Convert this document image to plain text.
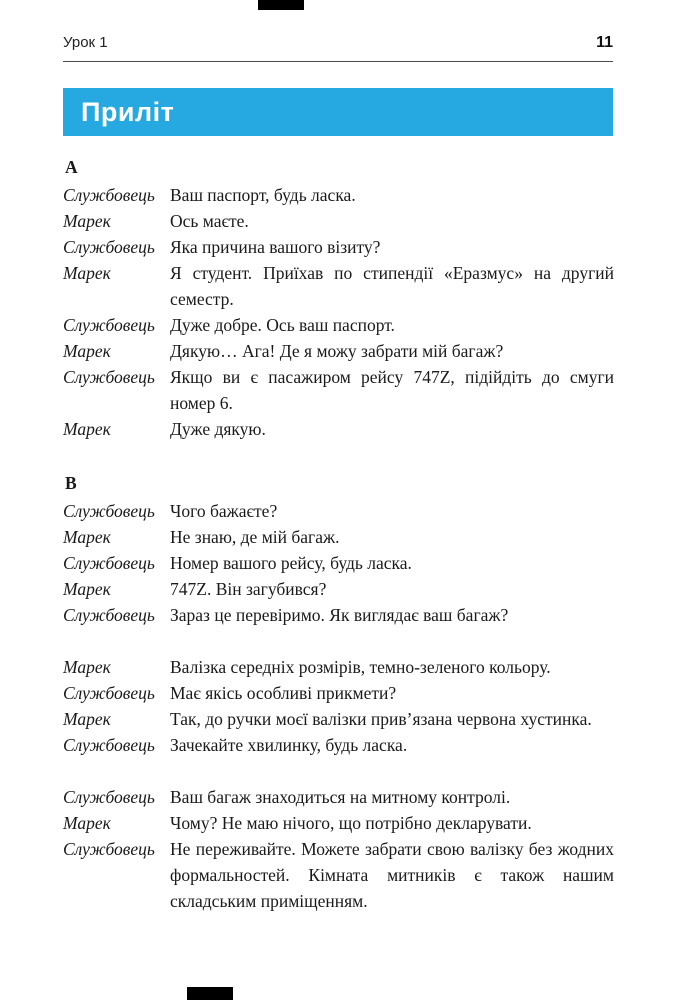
Урок 1	11
Приліт
А
Службовець Ваш паспорт, будь ласка.
Марек	Ось маєте.
Службовець Яка причина вашого візиту?
Марек	Я студент. Приїхав по стипендії «Еразмус» на другий семестр.
Службовець Дуже добре. Ось ваш паспорт.
Марек	Дякую… Ага! Де я можу забрати мій багаж?
Службовець Якщо ви є пасажиром рейсу 747Z, підійдіть до смуги номер 6.
Марек	Дуже дякую.
В
Службовець Чого бажаєте?
Марек	Не знаю, де мій багаж.
Службовець Номер вашого рейсу, будь ласка.
Марек	747Z. Він загубився?
Службовець Зараз це перевіримо. Як виглядає ваш багаж?
Марек	Валізка середніх розмірів, темно-зеленого кольору.
Службовець Має якісь особливі прикмети?
Марек	Так, до ручки моєї валізки прив’язана червона хустинка.
Службовець Зачекайте хвилинку, будь ласка.
Службовець Ваш багаж знаходиться на митному контролі.
Марек	Чому? Не маю нічого, що потрібно декларувати.
Службовець Не переживайте. Можете забрати свою валізку без жодних формальностей. Кімната митників є також нашим складським приміщенням.
